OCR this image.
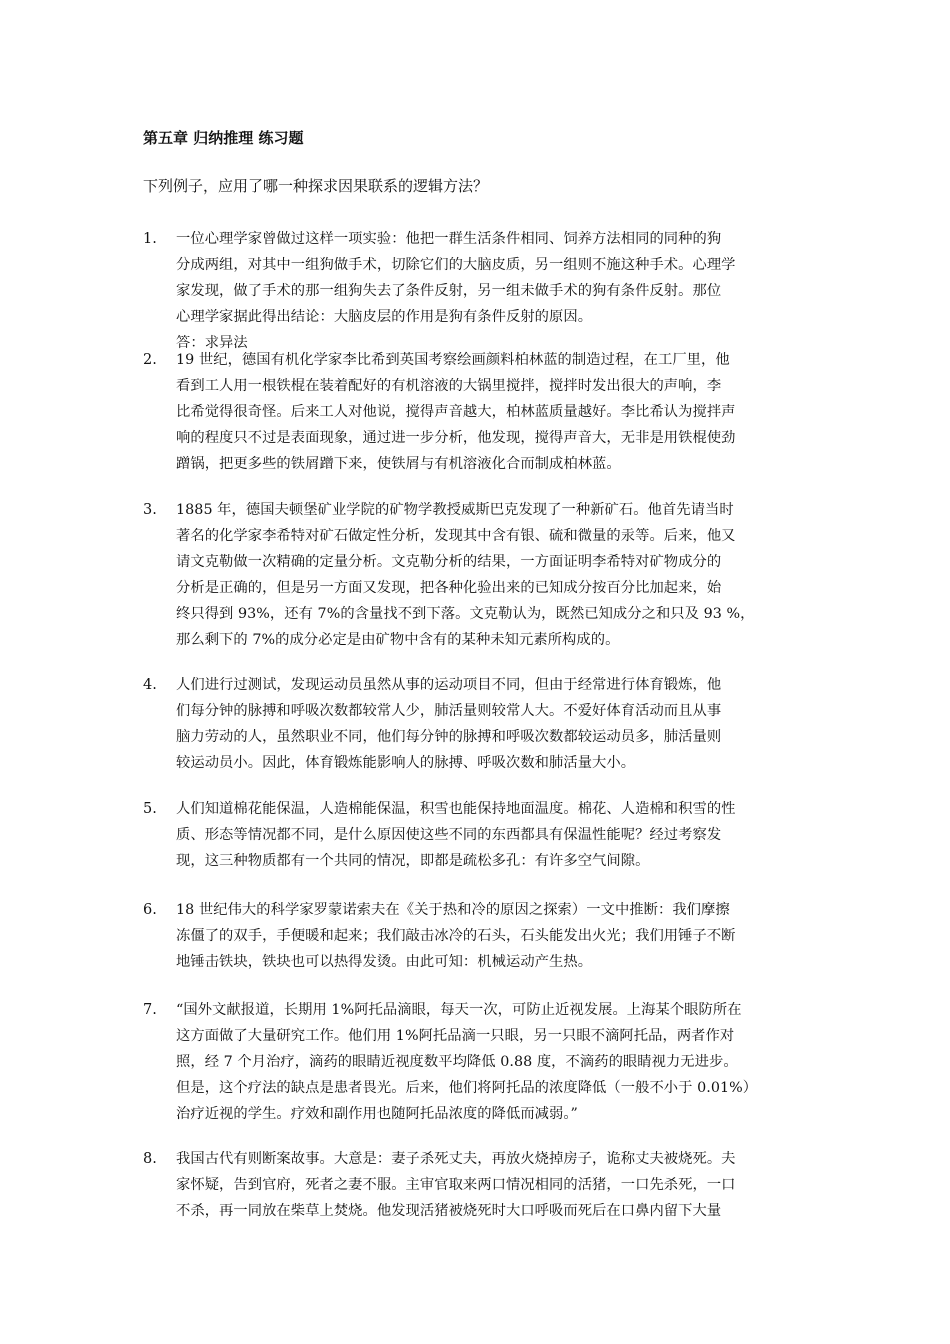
第五章 归纳推理 练习题
下列例子，应用了哪一种探求因果联系的逻辑方法？
1. 一位心理学家曾做过这样一项实验：他把一群生活条件相同、饲养方法相同的同种的狗
分成两组，对其中一组狗做手术，切除它们的大脑皮质，另一组则不施这种手术。心理学
家发现，做了手术的那一组狗失去了条件反射，另一组未做手术的狗有条件反射。那位
心理学家据此得出结论：大脑皮层的作用是狗有条件反射的原因。
答：求异法
2. 19 世纪，德国有机化学家李比希到英国考察绘画颜料柏林蓝的制造过程，在工厂里，他
看到工人用一根铁棍在装着配好的有机溶液的大锅里搅拌，搅拌时发出很大的声响，李
比希觉得很奇怪。后来工人对他说，搅得声音越大，柏林蓝质量越好。李比希认为搅拌声
响的程度只不过是表面现象，通过进一步分析，他发现，搅得声音大，无非是用铁棍使劲
蹭锅，把更多些的铁屑蹭下来，使铁屑与有机溶液化合而制成柏林蓝。
3. 1885 年，德国夫顿堡矿业学院的矿物学教授威斯巴克发现了一种新矿石。他首先请当时
著名的化学家李希特对矿石做定性分析，发现其中含有银、硫和微量的汞等。后来，他又
请文克勒做一次精确的定量分析。文克勒分析的结果，一方面证明李希特对矿物成分的
分析是正确的，但是另一方面又发现，把各种化验出来的已知成分按百分比加起来，始
终只得到 93%，还有 7%的含量找不到下落。文克勒认为，既然已知成分之和只及 93 %，
那么剩下的 7%的成分必定是由矿物中含有的某种未知元素所构成的。
4. 人们进行过测试，发现运动员虽然从事的运动项目不同，但由于经常进行体育锻炼，他
们每分钟的脉搏和呼吸次数都较常人少，肺活量则较常人大。不爱好体育活动而且从事
脑力劳动的人，虽然职业不同，他们每分钟的脉搏和呼吸次数都较运动员多，肺活量则
较运动员小。因此，体育锻炼能影响人的脉搏、呼吸次数和肺活量大小。
5. 人们知道棉花能保温，人造棉能保温，积雪也能保持地面温度。棉花、人造棉和积雪的性
质、形态等情况都不同，是什么原因使这些不同的东西都具有保温性能呢？经过考察发
现，这三种物质都有一个共同的情况，即都是疏松多孔：有许多空气间隙。
6. 18 世纪伟大的科学家罗蒙诺索夫在《关于热和冷的原因之探索）一文中推断：我们摩擦
冻僵了的双手，手便暖和起来；我们敲击冰冷的石头，石头能发出火光；我们用锤子不断
地锤击铁块，铁块也可以热得发烫。由此可知：机械运动产生热。
7. “国外文献报道，长期用 1%阿托品滴眼，每天一次，可防止近视发展。上海某个眼防所在
这方面做了大量研究工作。他们用 1%阿托品滴一只眼，另一只眼不滴阿托品，两者作对
照，经 7 个月治疗，滴药的眼睛近视度数平均降低 0.88 度，不滴药的眼睛视力无进步。
但是，这个疗法的缺点是患者畏光。后来，他们将阿托品的浓度降低（一般不小于 0.01%）
治疗近视的学生。疗效和副作用也随阿托品浓度的降低而减弱。”
8. 我国古代有则断案故事。大意是：妻子杀死丈夫，再放火烧掉房子，诡称丈夫被烧死。夫
家怀疑，告到官府，死者之妻不服。主审官取来两口情况相同的活猪，一口先杀死，一口
不杀，再一同放在柴草上焚烧。他发现活猪被烧死时大口呼吸而死后在口鼻内留下大量
